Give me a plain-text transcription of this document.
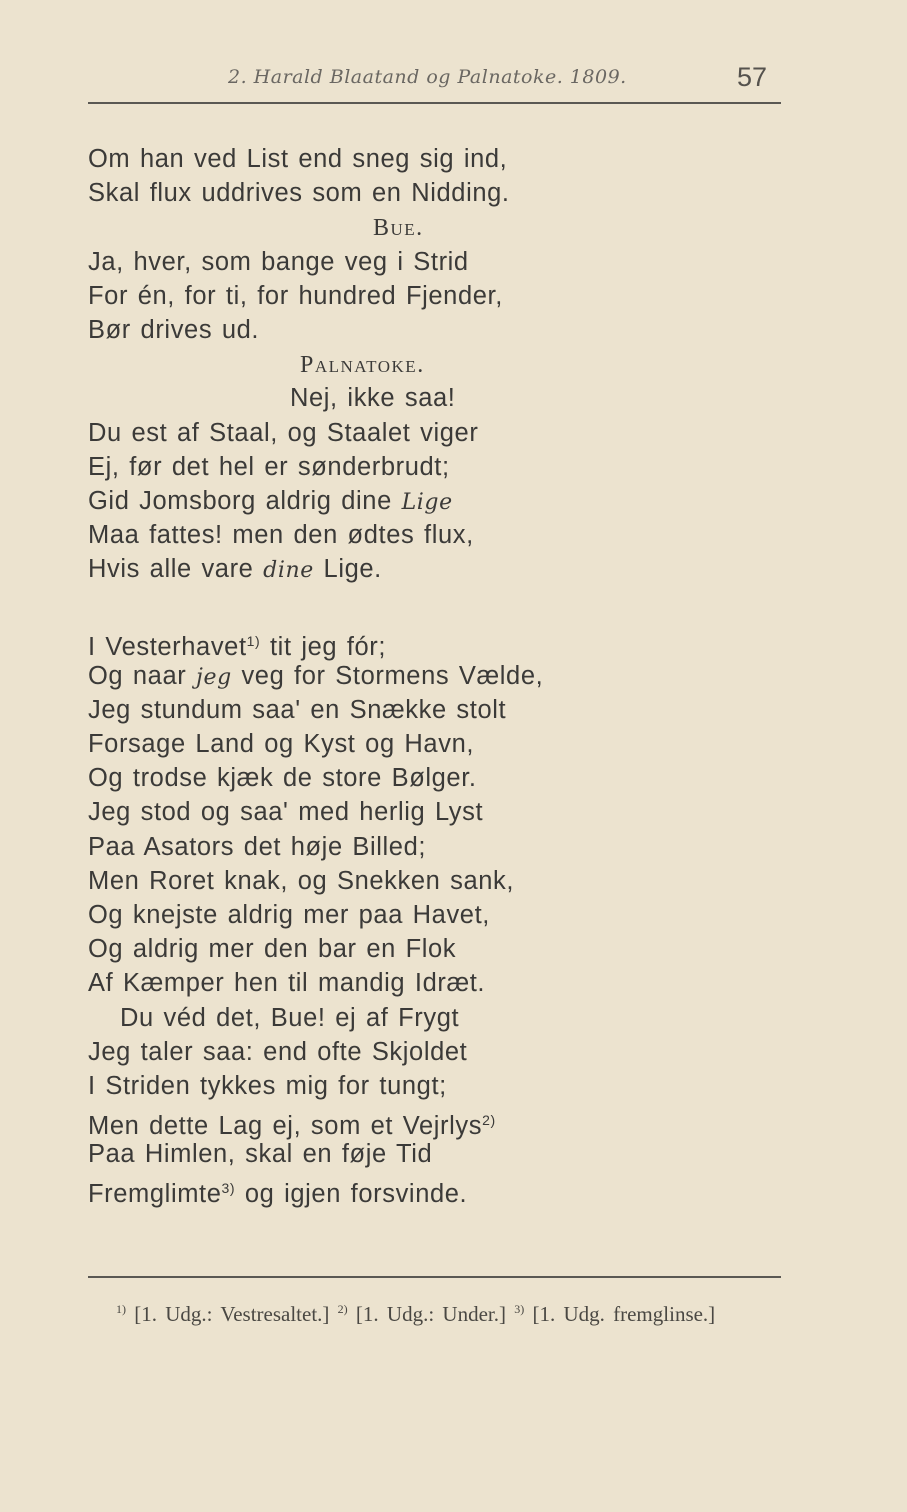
2. Harald Blaatand og Palnatoke. 1809.	57
Om han ved List end sneg sig ind,
Skal flux uddrives som en Nidding.
Bue.
Ja, hver, som bange veg i Strid
For én, for ti, for hundred Fjender,
Bør drives ud.
Palnatoke.
Nej, ikke saa!
Du est af Staal, og Staalet viger
Ej, før det hel er sønderbrudt;
Gid Jomsborg aldrig dine Lige
Maa fattes! men den ødtes flux,
Hvis alle vare dine Lige.
I Vesterhavet$^{1)}$ tit jeg fór;
Og naar jeg veg for Stormens Vælde,
Jeg stundum saa' en Snække stolt
Forsage Land og Kyst og Havn,
Og trodse kjæk de store Bølger.
Jeg stod og saa' med herlig Lyst
Paa Asators det høje Billed;
Men Roret knak, og Snekken sank,
Og knejste aldrig mer paa Havet,
Og aldrig mer den bar en Flok
Af Kæmper hen til mandig Idræt.
Du véd det, Bue! ej af Frygt
Jeg taler saa: end ofte Skjoldet
I Striden tykkes mig for tungt;
Men dette Lag ej, som et Vejrlys$^{2)}$
Paa Himlen, skal en føje Tid
Fremglimte$^{3)}$ og igjen forsvinde.

$^{1)}$ [1. Udg.: Vestresaltet.] $^{2)}$ [1. Udg.: Under.] $^{3)}$ [1. Udg. fremglinse.]
